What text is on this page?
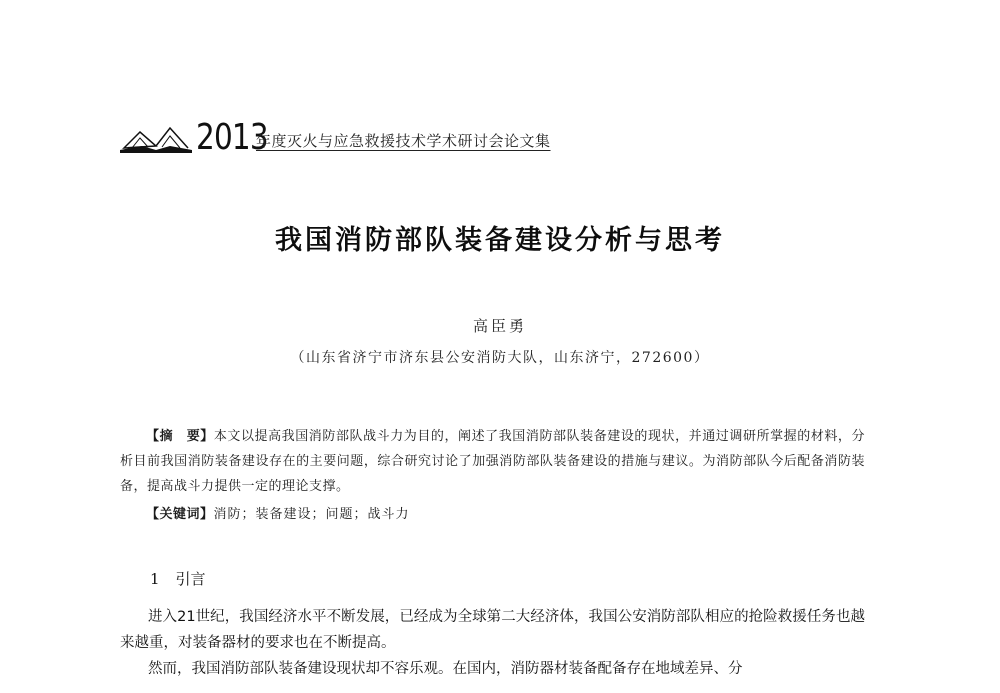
2013
年度灭火与应急救援技术学术研讨会论文集
我国消防部队装备建设分析与思考
高臣勇
（山东省济宁市济东县公安消防大队，山东济宁，272600）

【摘　要】本文以提高我国消防部队战斗力为目的，阐述了我国消防部队装备建设的现状，并通过调研所掌握的材料，分析目前我国消防装备建设存在的主要问题，综合研究讨论了加强消防部队装备建设的措施与建议。为消防部队今后配备消防装备，提高战斗力提供一定的理论支撑。

【关键词】消防；装备建设；问题；战斗力
1 引言

进入21世纪，我国经济水平不断发展，已经成为全球第二大经济体，我国公安消防部队相应的抢险救援任务也越来越重，对装备器材的要求也在不断提高。

然而，我国消防部队装备建设现状却不容乐观。在国内，消防器材装备配备存在地域差异、分
